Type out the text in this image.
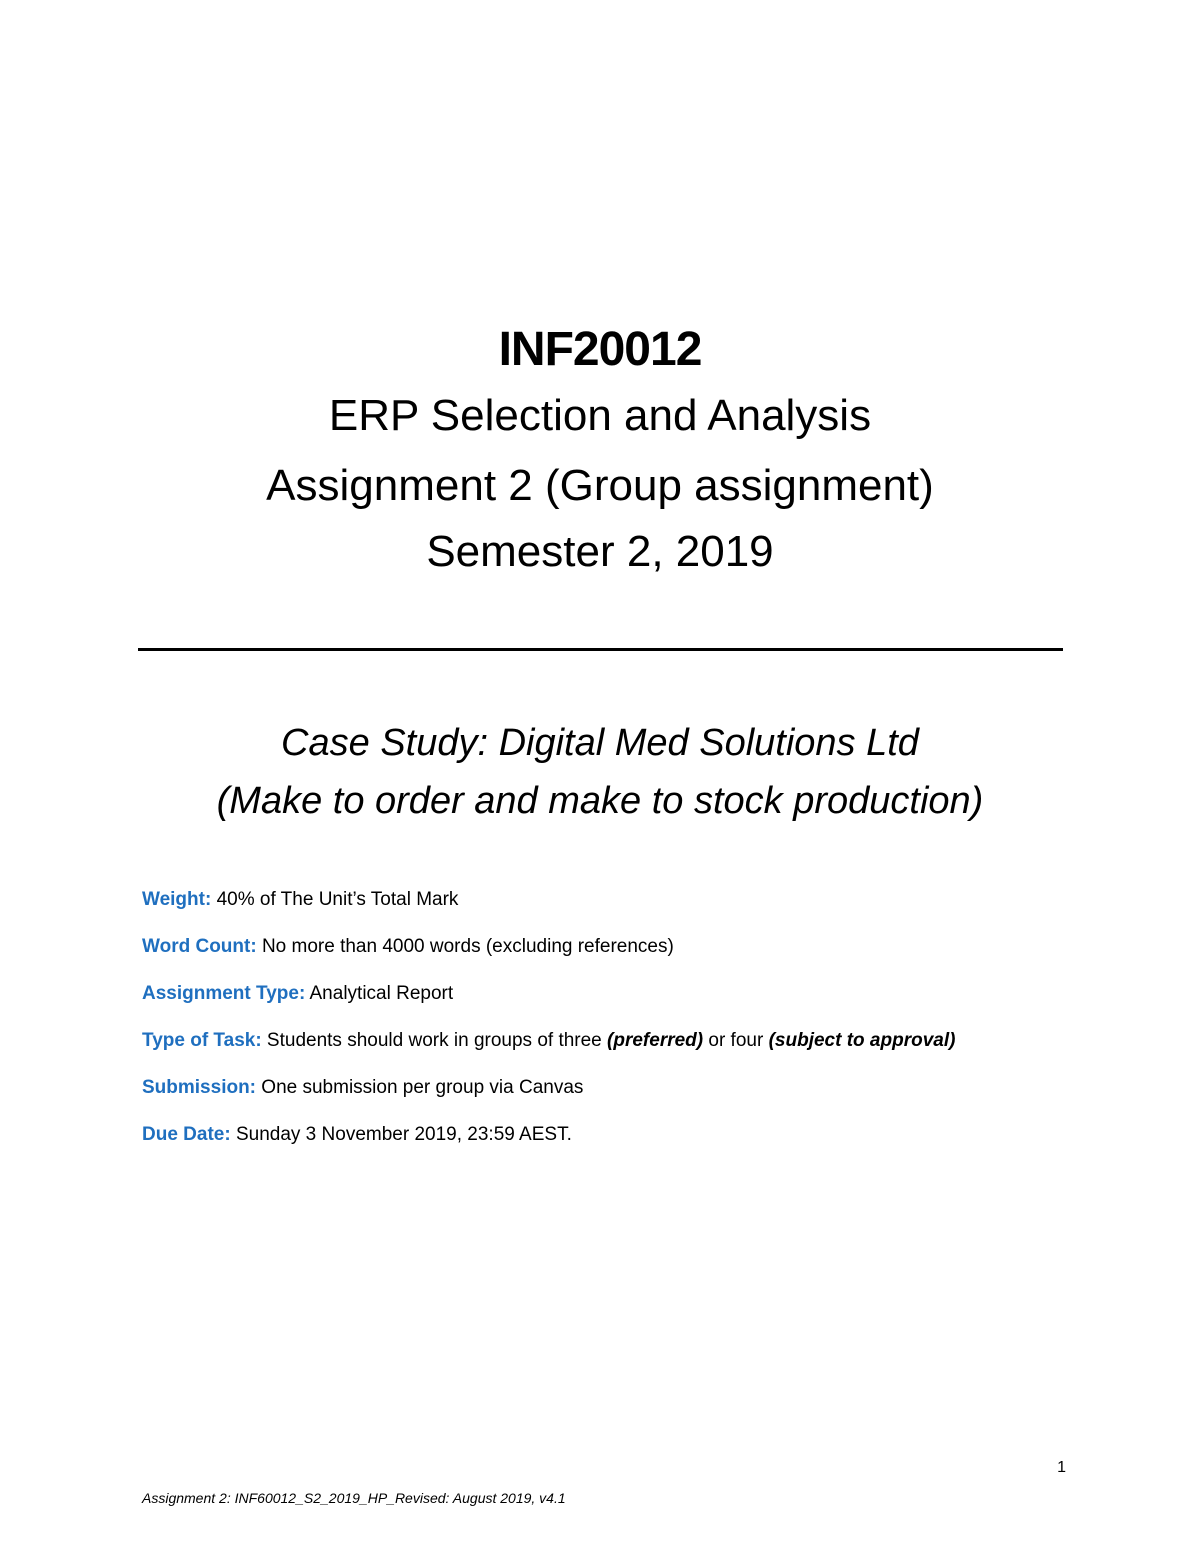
INF20012
ERP Selection and Analysis
Assignment 2 (Group assignment)
Semester 2, 2019
Case Study: Digital Med Solutions Ltd
(Make to order and make to stock production)
Weight: 40% of The Unit’s Total Mark
Word Count: No more than 4000 words (excluding references)
Assignment Type: Analytical Report
Type of Task: Students should work in groups of three (preferred) or four (subject to approval)
Submission: One submission per group via Canvas
Due Date: Sunday 3 November 2019, 23:59 AEST.
1
Assignment 2: INF60012_S2_2019_HP_Revised: August 2019, v4.1
